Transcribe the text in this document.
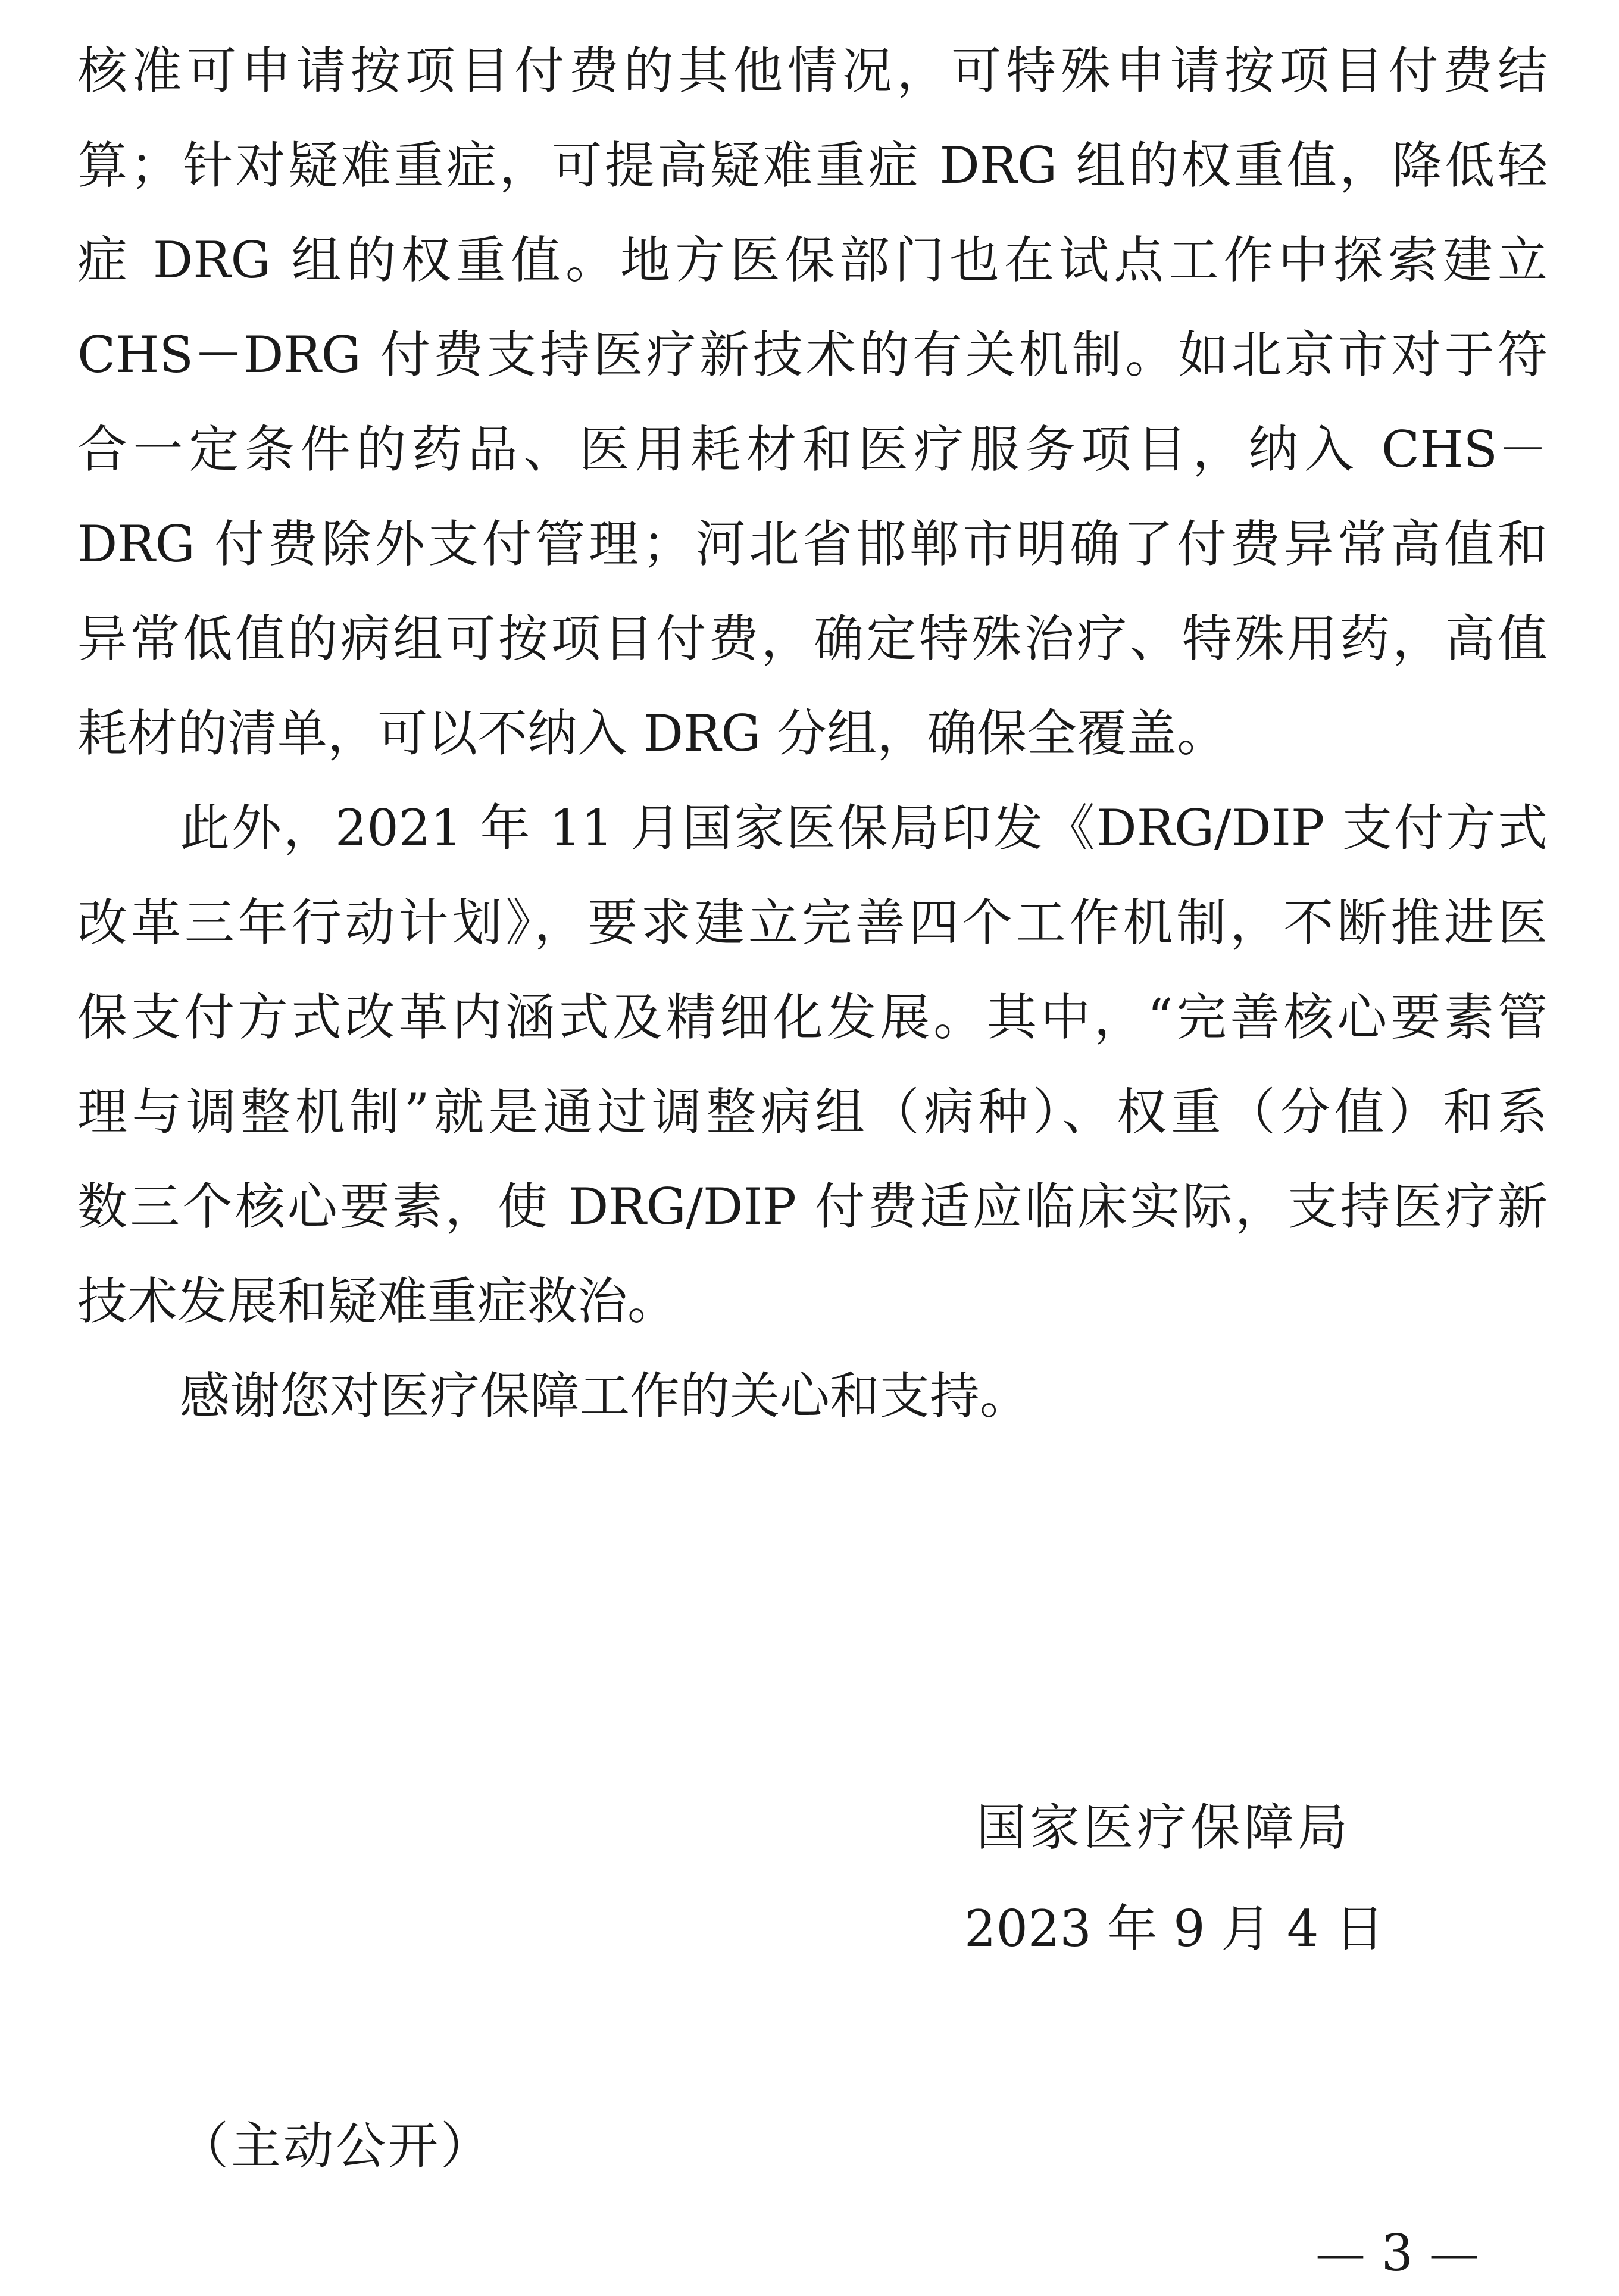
核准可申请按项目付费的其他情况，可特殊申请按项目付费结
算；针对疑难重症，可提高疑难重症 DRG 组的权重值，降低轻
症 DRG 组的权重值。地方医保部门也在试点工作中探索建立
CHS－DRG 付费支持医疗新技术的有关机制。如北京市对于符
合一定条件的药品、医用耗材和医疗服务项目，纳入 CHS－
DRG 付费除外支付管理；河北省邯郸市明确了付费异常高值和
异常低值的病组可按项目付费，确定特殊治疗、特殊用药，高值
耗材的清单，可以不纳入 DRG 分组，确保全覆盖。
此外，2021 年 11 月国家医保局印发《DRG/DIP 支付方式
改革三年行动计划》，要求建立完善四个工作机制，不断推进医
保支付方式改革内涵式及精细化发展。其中，“完善核心要素管
理与调整机制”就是通过调整病组（病种）、权重（分值）和系
数三个核心要素，使 DRG/DIP 付费适应临床实际，支持医疗新
技术发展和疑难重症救治。
感谢您对医疗保障工作的关心和支持。
国家医疗保障局
2023 年 9 月 4 日
（主动公开）
— 3 —
